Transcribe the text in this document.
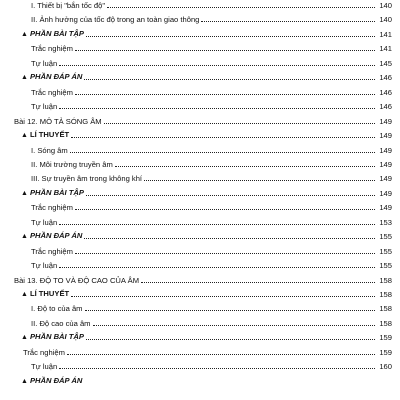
I. Thiết bị "bắn tốc độ"	140
II. Ảnh hưởng của tốc độ trong an toàn giao thông	140
▲ PHẦN BÀI TẬP	141
Trắc nghiệm	141
Tự luận	145
▲ PHẦN ĐÁP ÁN	146
Trắc nghiệm	146
Tự luận	146
Bài 12. MÔ TẢ SÓNG ÂM	149
▲ LÍ THUYẾT	149
I. Sóng âm	149
II. Môi trường truyền âm	149
III. Sự truyền âm trong không khí	149
▲ PHẦN BÀI TẬP	149
Trắc nghiệm	149
Tự luận	153
▲ PHẦN ĐÁP ÁN	155
Trắc nghiệm	155
Tự luận	155
Bài 13. ĐỘ TO VÀ ĐỘ CAO CỦA ÂM	158
▲ LÍ THUYẾT	158
I. Độ to của âm	158
II. Độ cao của âm	158
▲ PHẦN BÀI TẬP	159
Trắc nghiệm	159
Tự luận	160
▲ PHẦN ĐÁP ÁN
